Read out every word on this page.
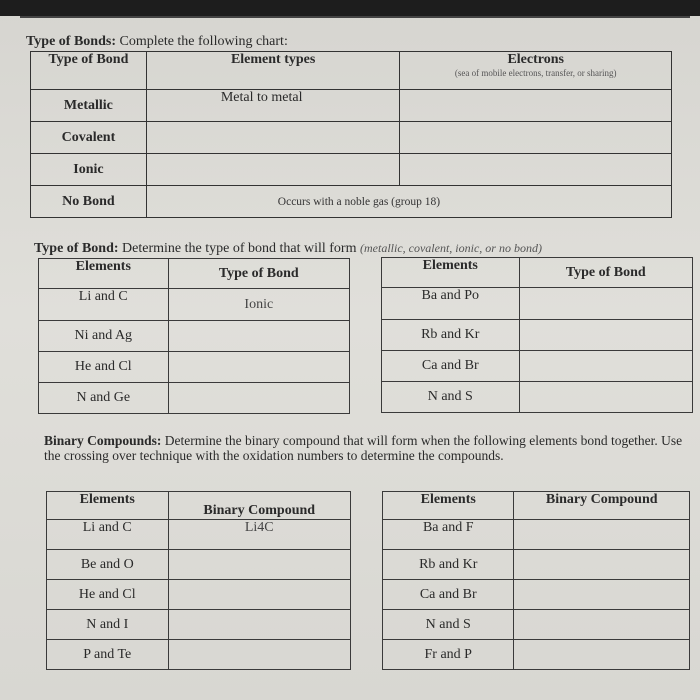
Type of Bonds: Complete the following chart:
Type of Bond	Element types	Electrons
(sea of mobile electrons, transfer, or sharing)

Metallic	Metal to metal	
Covalent		
Ionic		
No Bond	Occurs with a noble gas (group 18)	
Type of Bond: Determine the type of bond that will form (metallic, covalent, ionic, or no bond)
Elements	Type of Bond
Li and C	Ionic
Ni and Ag	
He and Cl	
N and Ge	
Elements	Type of Bond
Ba and Po	
Rb and Kr	
Ca and Br	
N and S	
Binary Compounds: Determine the binary compound that will form when the following elements bond together. Use the crossing over technique with the oxidation numbers to determine the compounds.
Elements	Binary Compound
Li and C	Li4C
Be and O	
He and Cl	
N and I	
P and Te	
Elements	Binary Compound
Ba and F	
Rb and Kr	
Ca and Br	
N and S	
Fr and P	
